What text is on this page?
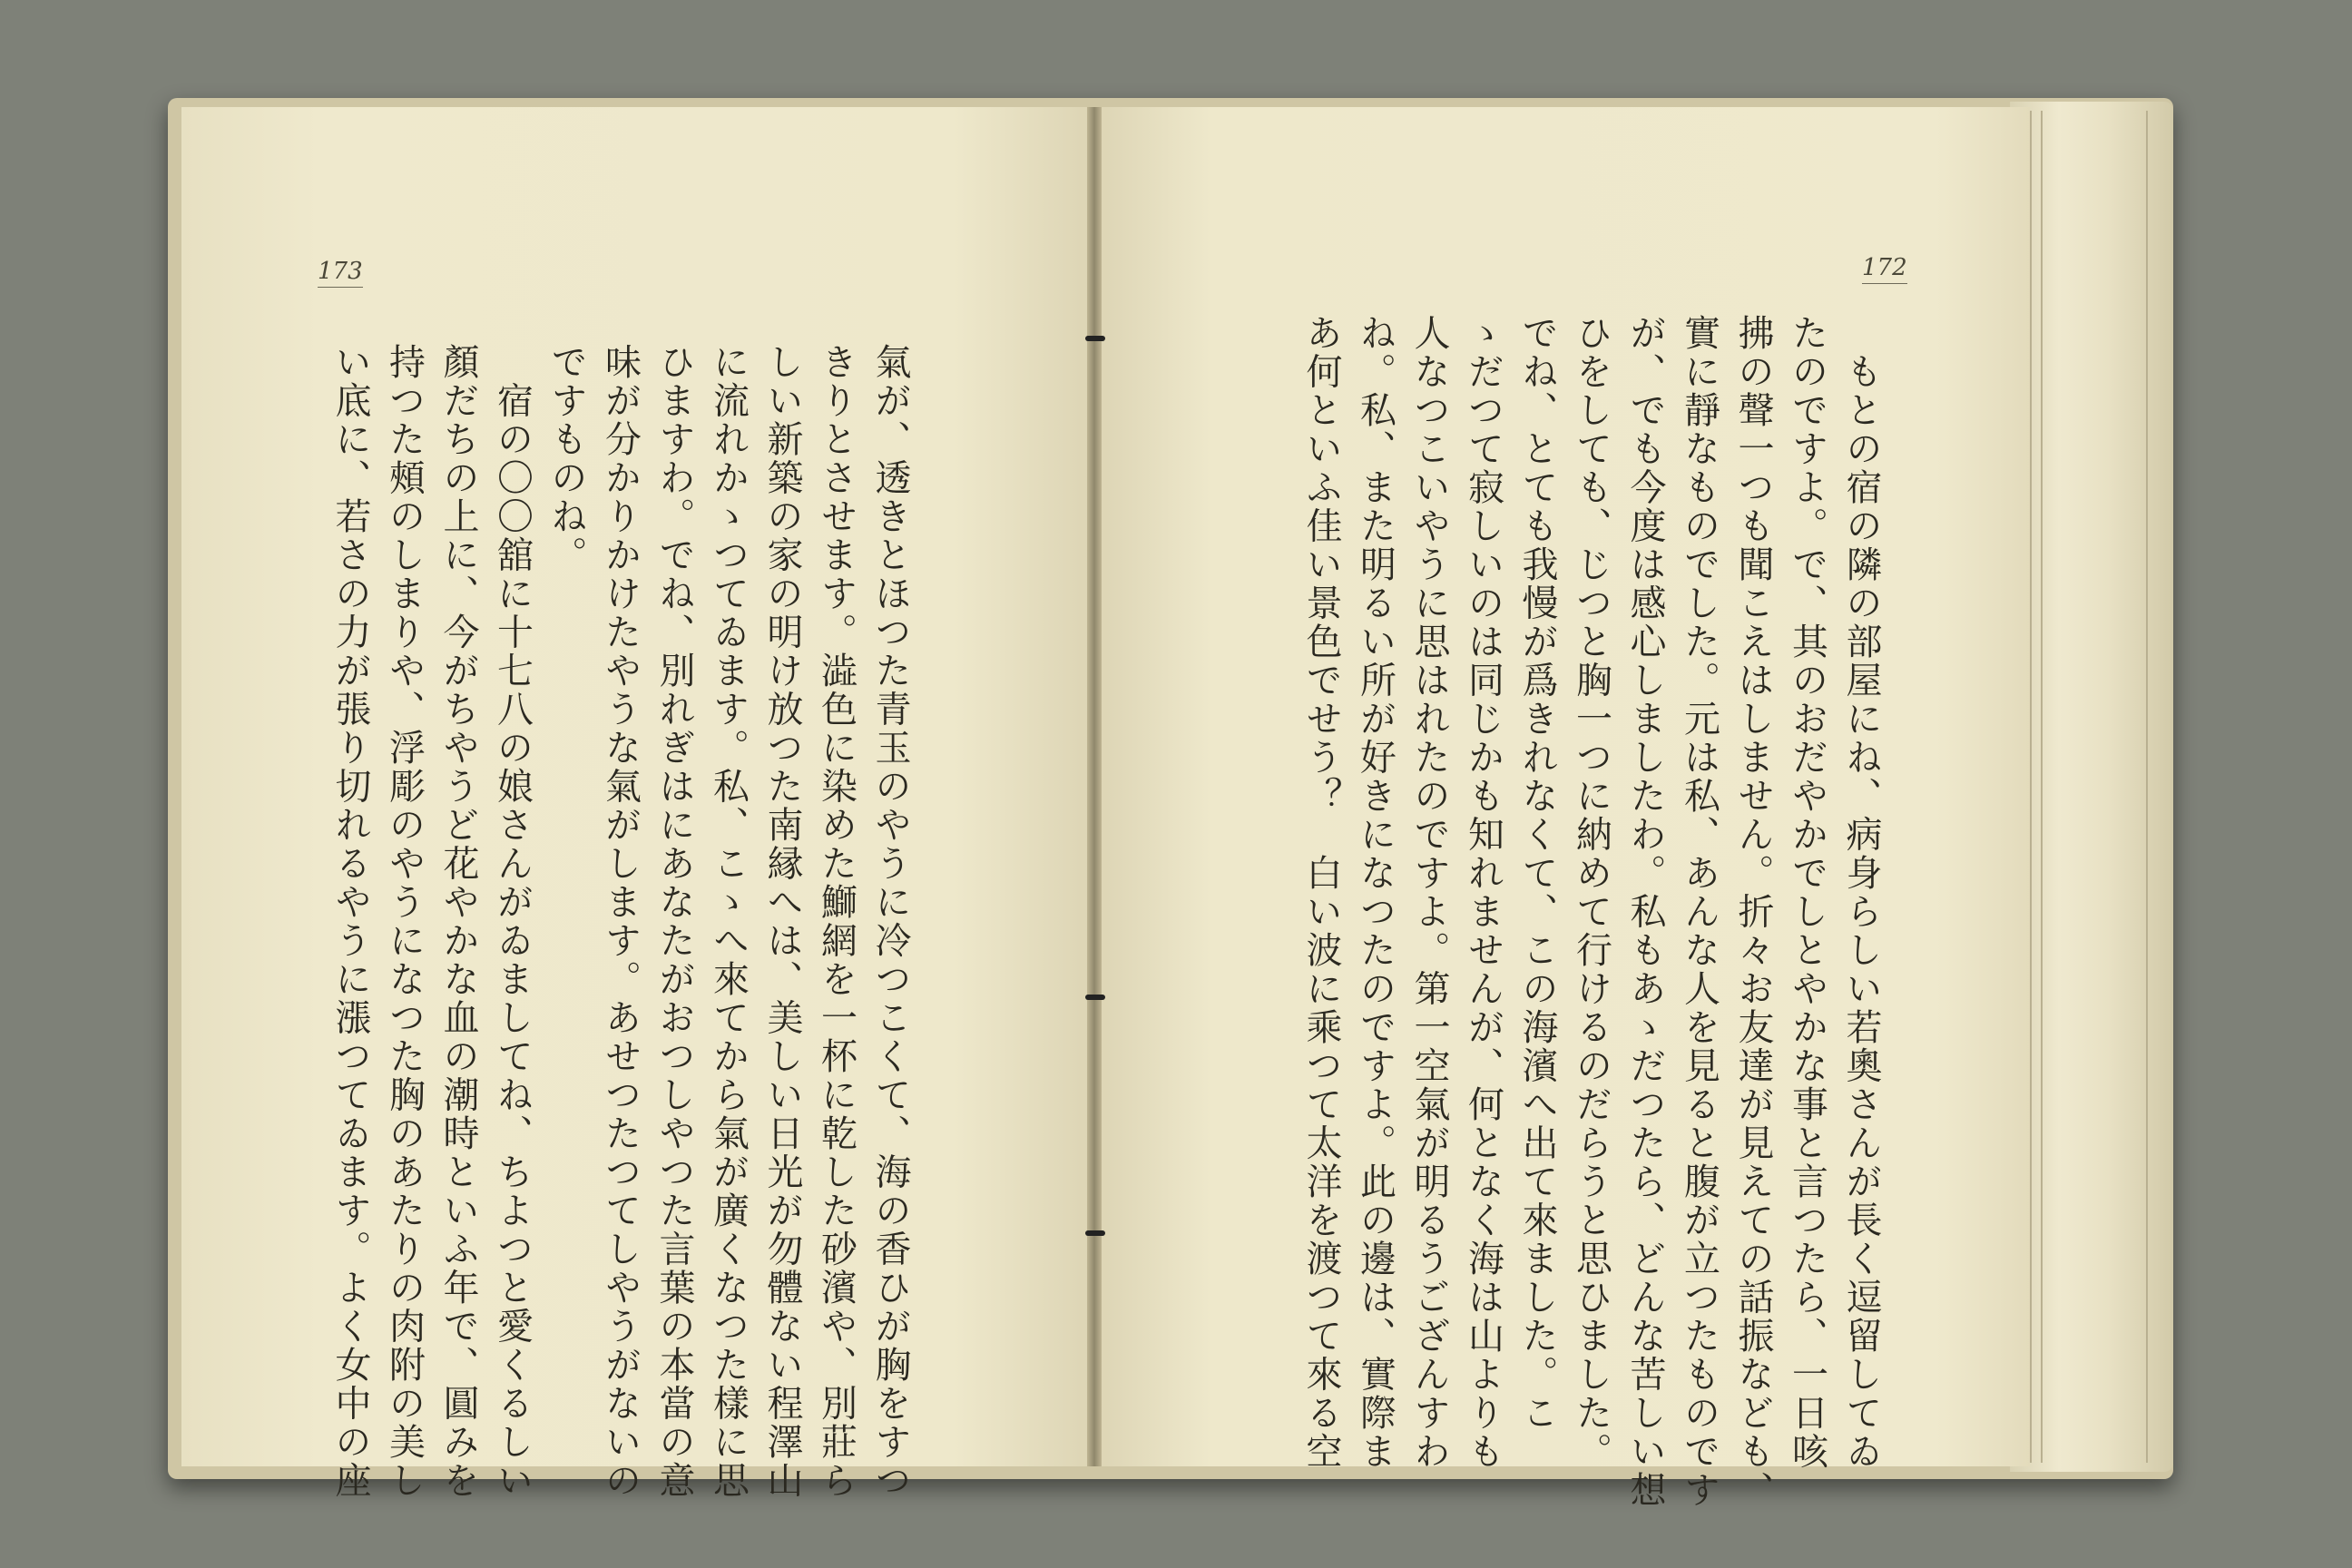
173	172
氣が、透きとほつた青玉のやうに冷つこくて、海の香ひが胸をすつ
きりとさせます。澁色に染めた鰤網を一杯に乾した砂濱や、別莊ら
しい新築の家の明け放つた南縁へは、美しい日光が勿體ない程澤山
に流れかゝつてゐます。私、こゝへ來てから氣が廣くなつた樣に思
ひますわ。でね、別れぎはにあなたがおつしやつた言葉の本當の意
味が分かりかけたやうな氣がします。あせつたつてしやうがないの
ですものね。
　宿の〇〇舘に十七八の娘さんがゐましてね、ちよつと愛くるしい
顏だちの上に、今がちやうど花やかな血の潮時といふ年で、圓みを
持つた頰のしまりや、浮彫のやうになつた胸のあたりの肉附の美し
い底に、若さの力が張り切れるやうに漲つてゐます。よく女中の座	　もとの宿の隣の部屋にね、病身らしい若奧さんが長く逗留してゐ
たのですよ。で、其のおだやかでしとやかな事と言つたら、一日咳
拂の聲一つも聞こえはしません。折々お友達が見えての話振なども、
實に靜なものでした。元は私、あんな人を見ると腹が立つたものです
が、でも今度は感心しましたわ。私もあゝだつたら、どんな苦しい想
ひをしても、じつと胸一つに納めて行けるのだらうと思ひました。
でね、とても我慢が爲きれなくて、この海濱へ出て來ました。こ
ゝだつて寂しいのは同じかも知れませんが、何となく海は山よりも
人なつこいやうに思はれたのですよ。第一空氣が明るうござんすわ
ね。私、また明るい所が好きになつたのですよ。此の邊は、實際ま
あ何といふ佳い景色でせう？　白い波に乘つて太洋を渡つて來る空
